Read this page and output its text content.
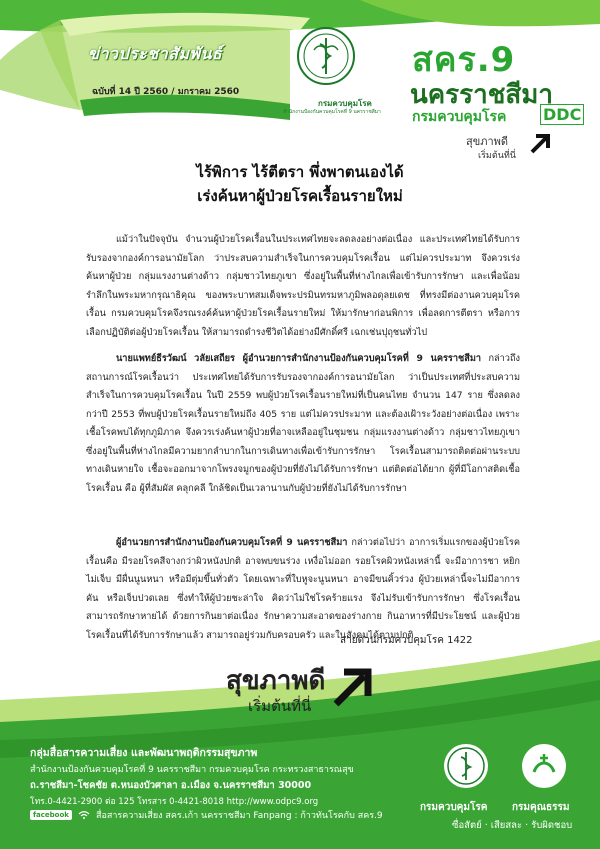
ข่าวประชาสัมพันธ์
ฉบับที่ 14 ปี 2560 / มกราคม 2560
กรมควบคุมโรค
สำนักงานป้องกันควบคุมโรคที่ 9 นครราชสีมา
สคร.9
นครราชสีมา
กรมควบคุมโรค DDC
สุขภาพดี
เริ่มต้นที่นี่
ไร้พิการ ไร้ตีตรา พึ่งพาตนเองได้
เร่งค้นหาผู้ป่วยโรคเรื้อนรายใหม่

แม้ว่าในปัจจุบัน จำนวนผู้ป่วยโรคเรื้อนในประเทศไทยจะลดลงอย่างต่อเนื่อง และประเทศไทยได้รับการรับรองจากองค์การอนามัยโลก ว่าประสบความสำเร็จในการควบคุมโรคเรื้อน แต่ไม่ควรประมาท จึงควรเร่งค้นหาผู้ป่วย กลุ่มแรงงานต่างด้าว กลุ่มชาวไทยภูเขา ซึ่งอยู่ในพื้นที่ห่างไกลเพื่อเข้ารับการรักษา และเพื่อน้อมรำลึกในพระมหากรุณาธิคุณ ของพระบาทสมเด็จพระปรมินทรมหาภูมิพลอดุลยเดช ที่ทรงมีต่องานควบคุมโรคเรื้อน กรมควบคุมโรคจึงรณรงค์ค้นหาผู้ป่วยโรคเรื้อนรายใหม่ ให้มารักษาก่อนพิการ เพื่อลดการตีตรา หรือการเลือกปฏิบัติต่อผู้ป่วยโรคเรื้อน ให้สามารถดำรงชีวิตได้อย่างมีศักดิ์ศรี เฉกเช่นปุถุชนทั่วไป

นายแพทย์ธีรวัฒน์ วลัยเสถียร ผู้อำนวยการสำนักงานป้องกันควบคุมโรคที่ 9 นครราชสีมา กล่าวถึงสถานการณ์โรคเรื้อนว่า ประเทศไทยได้รับการรับรองจากองค์การอนามัยโลก ว่าเป็นประเทศที่ประสบความสำเร็จในการควบคุมโรคเรื้อน ในปี 2559 พบผู้ป่วยโรคเรื้อนรายใหม่ที่เป็นคนไทย จำนวน 147 ราย ซึ่งลดลงกว่าปี 2553 ที่พบผู้ป่วยโรคเรื้อนรายใหม่ถึง 405 ราย แต่ไม่ควรประมาท และต้องเฝ้าระวังอย่างต่อเนื่อง เพราะเชื้อโรคพบได้ทุกภูมิภาค จึงควรเร่งค้นหาผู้ป่วยที่อาจเหลืออยู่ในชุมชน กลุ่มแรงงานต่างด้าว กลุ่มชาวไทยภูเขา ซึ่งอยู่ในพื้นที่ห่างไกลมีความยากลำบากในการเดินทางเพื่อเข้ารับการรักษา โรคเรื้อนสามารถติดต่อผ่านระบบทางเดินหายใจ เชื้อจะออกมาจากโพรงจมูกของผู้ป่วยที่ยังไม่ได้รับการรักษา แต่ติดต่อได้ยาก ผู้ที่มีโอกาสติดเชื้อโรคเรื้อน คือ ผู้ที่สัมผัส คลุกคลี ใกล้ชิดเป็นเวลานานกับผู้ป่วยที่ยังไม่ได้รับการรักษา

ผู้อำนวยการสำนักงานป้องกันควบคุมโรคที่ 9 นครราชสีมา กล่าวต่อไปว่า อาการเริ่มแรกของผู้ป่วยโรคเรื้อนคือ มีรอยโรคสีจางกว่าผิวหนังปกติ อาจพบขนร่วง เหงื่อไม่ออก รอยโรคผิวหนังเหล่านี้ จะมีอาการชา หยิกไม่เจ็บ มีผื่นนูนหนา หรือมีตุ่มขึ้นทั่วตัว โดยเฉพาะที่ใบหูจะนูนหนา อาจมีขนคิ้วร่วง ผู้ป่วยเหล่านี้จะไม่มีอาการคัน หรือเจ็บปวดเลย ซึ่งทำให้ผู้ป่วยชะล่าใจ คิดว่าไม่ใช่โรคร้ายแรง จึงไม่รับเข้ารับการรักษา ซึ่งโรคเรื้อนสามารถรักษาหายได้ ด้วยการกินยาต่อเนื่อง รักษาความสะอาดของร่างกาย กินอาหารที่มีประโยชน์ และผู้ป่วยโรคเรื้อนที่ได้รับการรักษาแล้ว สามารถอยู่ร่วมกับครอบครัว และในสังคมได้ตามปกติ

สายด่วนกรมควบคุมโรค 1422
สุขภาพดี
เริ่มต้นที่นี่
กลุ่มสื่อสารความเสี่ยง และพัฒนาพฤติกรรมสุขภาพ
สำนักงานป้องกันควบคุมโรคที่ 9 นครราชสีมา กรมควบคุมโรค กระทรวงสาธารณสุข
ถ.ราชสีมา-โชคชัย ต.หนองบัวศาลา อ.เมือง จ.นครราชสีมา 30000
โทร.0-4421-2900 ต่อ 125 โทรสาร 0-4421-8018 http://www.odpc9.org
facebook	สื่อสารความเสี่ยง สคร.เก้า นครราชสีมา Fanpang : ก้าวทันโรคกับ สคร.9
กรมควบคุมโรค กรมคุณธรรม
ซื่อสัตย์ · เสียสละ · รับผิดชอบ
